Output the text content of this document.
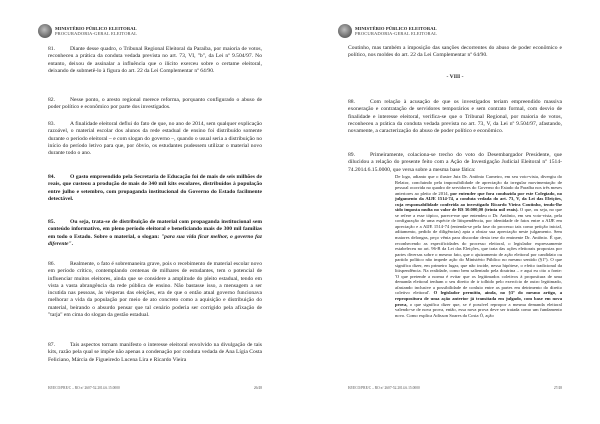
MINISTÉRIO PÚBLICO ELEITORAL
PROCURADORIA-GERAL ELEITORAL
81.	Diante desse quadro, o Tribunal Regional Eleitoral da Paraíba, por maioria de votos, reconheceu a prática da conduta vedada prevista no art. 73, VI, "b", da Lei nº 9.504/97. No entanto, deixou de assinalar a influência que o ilícito exerceu sobre o certame eleitoral, deixando de submetê-lo à figura do art. 22 da Lei Complementar nº 64/90.
82.	Nesse ponto, o aresto regional merece reforma, porquanto configurado o abuso de poder político e econômico por parte dos investigados.
83.	A finalidade eleitoral deflui do fato de que, no ano de 2014, sem qualquer explicação razoável, o material escolar dos alunos da rede estadual de ensino foi distribuído somente durante o período eleitoral – e com slogan do governo –, quando o usual seria a distribuição no início do período letivo para que, por óbvio, os estudantes pudessem utilizar o material novo durante todo o ano.
84.	O gasto empreendido pela Secretaria de Educação foi de mais de seis milhões de reais, que custeou a produção de mais de 340 mil kits escolares, distribuídos à população entre julho e setembro, com propaganda institucional do Governo do Estado facilmente detectável.
85.	Ou seja, trata-se de distribuição de material com propaganda institucional sem conteúdo informativo, em pleno período eleitoral e beneficiando mais de 300 mil famílias em todo o Estado. Sobre o material, o slogan: "para sua vida ficar melhor, o governo faz diferente".
86.	Realmente, o fato é sobremaneira grave, pois o recebimento de material escolar novo em período crítico, contemplando centenas de milhares de estudantes, tem o potencial de influenciar muitos eleitores, ainda que se considere a amplitude do pleito estadual, tendo em vista a vasta abrangência da rede pública de ensino. Não bastasse isso, a mensagem a ser incutida nas pessoas, às vésperas das eleições, era de que o então atual governo funcionava melhorar a vida da população por meio de ato concreto como a aquisição e distribuição do material, beirando o absurdo pensar que tal cenário poderia ser corrigido pela afixação de "tarja" em cima do slogan da gestão estadual.
87.	Tais aspectos tornam manifesto o interesse eleitoral envolvido na divulgação de tais kits, razão pela qual se impõe não apenas a condenação por conduta vedada de Ana Lígia Costa Feliciano, Márcia de Figueiredo Lucena Lira e Ricardo Vieira
HJ/ECO/PRE/C – RO nº 2607-52.2014.6.15.0000	26/48
MINISTÉRIO PÚBLICO ELEITORAL
PROCURADORIA-GERAL ELEITORAL
Coutinho, mas também a imposição das sanções decorrentes do abuso de poder econômico e político, nos moldes do art. 22 da Lei Complementar nº 64/90.
- VIII -
88.	Com relação à acusação de que os investigados teriam empreendido massiva exoneração e contratação de servidores temporários e sem contrato formal, com desvio de finalidade e interesse eleitoral, verifica-se que o Tribunal Regional, por maioria de votos, reconheceu a prática da conduta vedada prevista no art. 73, V, da Lei nº 9.504/97, afastando, novamente, a caracterização do abuso de poder político e econômico.
89.	Primeiramente, colaciona-se trecho do voto do Desembargador Presidente, que dilucidou a relação do presente feito com a Ação de Investigação Judicial Eleitoral nº 1514-74.2014.6.15.0000, que versa sobre a mesma base fática:
De logo, adianto que o ilustre Juiz Dr. Antônio Carneiro, em seu voto-vista, divergiu do Relator, concluindo pela impossibilidade de apreciação da irregular movimentação de pessoal ocorrida no quadro de servidores do Governo do Estado da Paraíba nos três meses anteriores ao pleito de 2014, por entender que fora conduzida por este Colegiado, no julgamento da AIJE 1514-74, a conduta vedada do art. 73, V, da Lei das Eleições, cuja responsabilidade conferida ao investigado Ricardo Vieira Coutinho, tendo-lhe sido imposta multa no valor de R$ 30.000,00 (trinta mil reais). O que, ou seja, no que se refere a esse tópico, parece-me que entendeu o Dr. Antônio, em seu voto-vista, pela configuração de uma espécie de litispendência, por identidade de fatos entre a AIJE em apreciação e a AIJE 1514-74 (entenda-se pela fase do processo tais como petição inicial, aditamento, pedido de diligências) apta a obstar sua apreciação neste julgamento. Sem maiores delongas, peço vênia para discordar desta tese do eminente Dr. Antônio. É que, reconhecendo as especificidades do processo eleitoral, o legislador expressamente estabeleceu no art. 96-B da Lei das Eleições, que trata das ações eleitorais propostas por partes diversas sobre o mesmo fato, que o ajuizamento de ação eleitoral por candidato ou partido político não impede ação do Ministério Público no mesmo sentido (§1º). O que significa dizer, em primeiro lugar, que não incide, nessa hipótese, o efeito tradicional da litispendência. Na realidade, como bem salientado pela doutrina – e aqui eu cito a fonte: 'O que pretende a norma é evitar que os legitimados coletivos à propositura de uma demanda eleitoral tenham o seu direito de ir tolhido pelo exercício de outro legitimado, afastando inclusive a possibilidade de conluio entre as partes em detrimento do direito coletivo eleitoral'. O legislador permitiu, ainda, no §3º do mesmo artigo, a repropositura de uma ação anterior já transitada em julgado, com base em nova prova, o que significa dizer que, se é possível repropor a mesma demanda eleitoral valendo-se de nova prova, então, essa nova prova deve ser tratada como um fundamento novo. Como explica Adisson Soares da Costa Ó, ação
HJ/ECO/PRE/C – RO nº 2607-52.2014.6.15.0000	27/48
